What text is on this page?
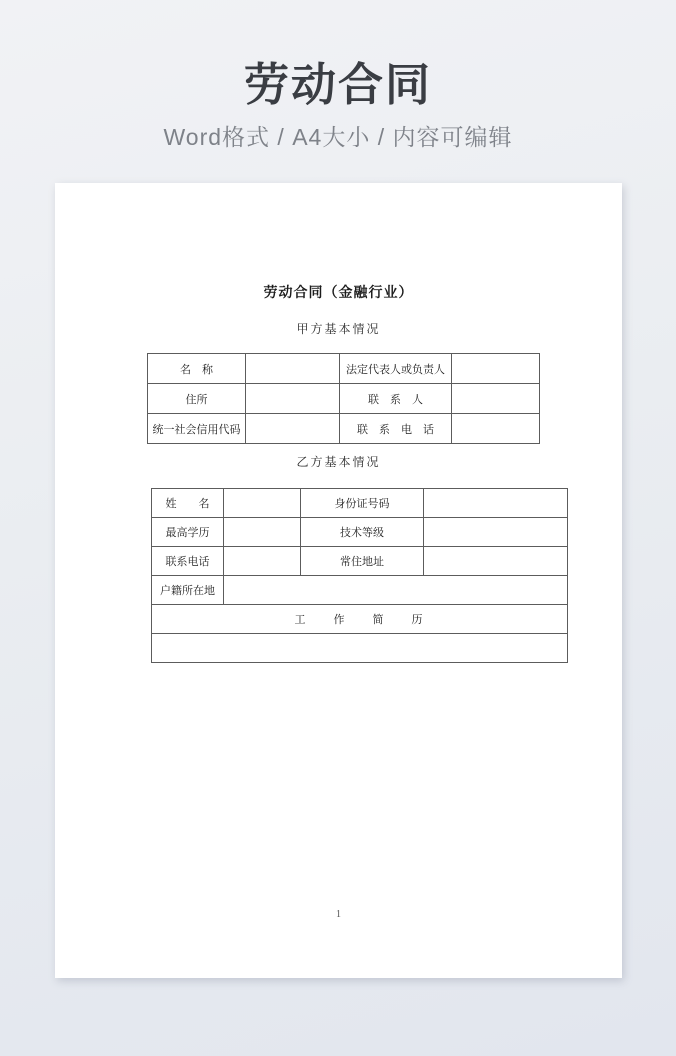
劳动合同
Word格式 / A4大小 / 内容可编辑
劳动合同（金融行业）
甲方基本情况
名　称		法定代表人或负责人	
住所		联　系　人	
统一社会信用代码		联　系　电　话	
乙方基本情况
姓　　名		身份证号码	
最高学历		技术等级	
联系电话		常住地址	
户籍所在地			
工　　作　　简　　历			

1
